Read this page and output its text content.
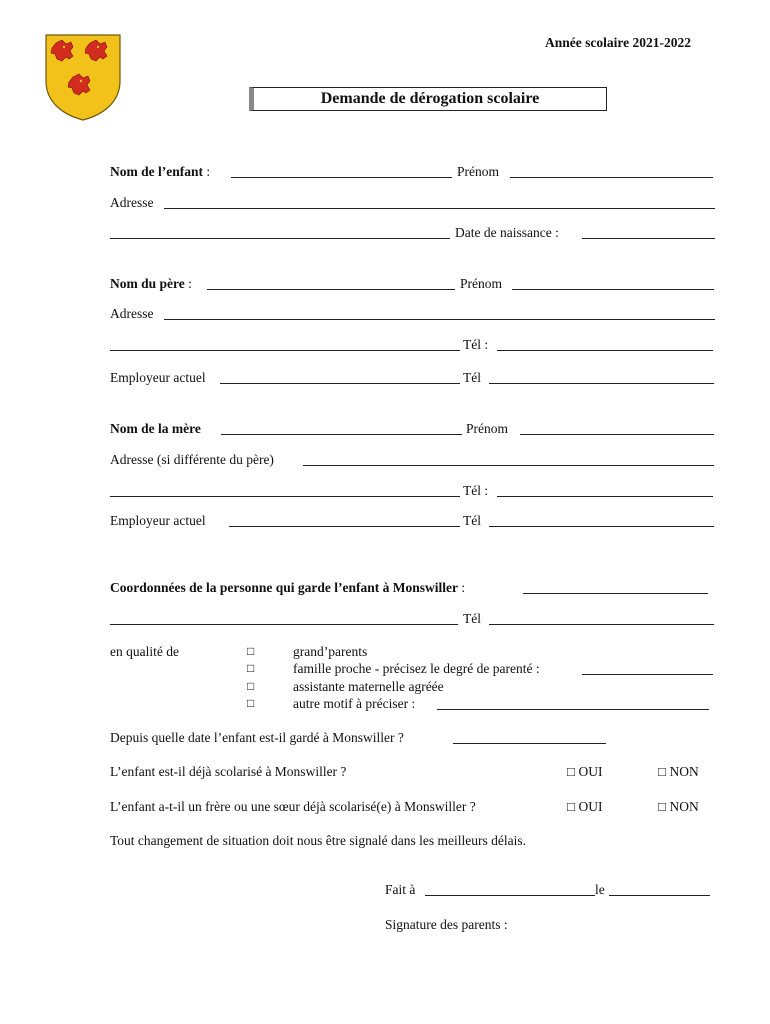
Année scolaire 2021-2022
Demande de dérogation scolaire
Nom de l’enfant :	Prénom
Adresse
Date de naissance :
Nom du père :	Prénom
Adresse
Tél :
Employeur actuel	Tél
Nom de la mère	Prénom
Adresse (si différente du père)
Tél :
Employeur actuel	Tél
Coordonnées de la personne qui garde l’enfant à Monswiller :
Tél
en qualité de	□	grand’parents
□	famille proche - précisez le degré de parenté :
□	assistante maternelle agréée
□	autre motif à préciser :
Depuis quelle date l’enfant est-il gardé à Monswiller ?
L’enfant est-il déjà scolarisé à Monswiller ?	□ OUI	□ NON
L’enfant a-t-il un frère ou une sœur déjà scolarisé(e) à Monswiller ?	□ OUI	□ NON
Tout changement de situation doit nous être signalé dans les meilleurs délais.
Fait à	le
Signature des parents :
